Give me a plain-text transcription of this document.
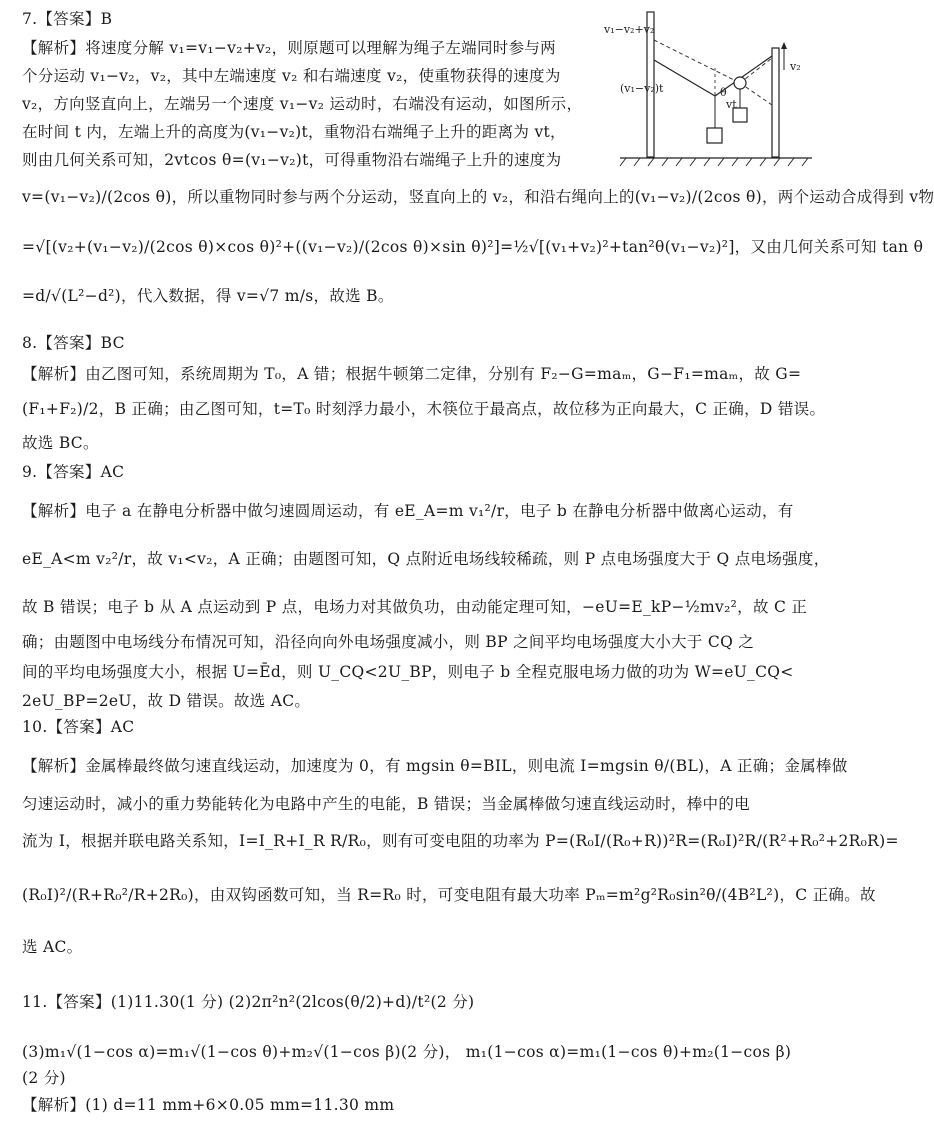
7.【答案】B
【解析】将速度分解 v₁=v₁−v₂+v₂，则原题可以理解为绳子左端同时参与两
个分运动 v₁−v₂，v₂，其中左端速度 v₂ 和右端速度 v₂，使重物获得的速度为
v₂，方向竖直向上，左端另一个速度 v₁−v₂ 运动时，右端没有运动，如图所示，
在时间 t 内，左端上升的高度为(v₁−v₂)t，重物沿右端绳子上升的距离为 vt，
则由几何关系可知，2vtcos θ=(v₁−v₂)t，可得重物沿右端绳子上升的速度为
v=(v₁−v₂)/(2cos θ)，所以重物同时参与两个分运动，竖直向上的 v₂，和沿右绳向上的(v₁−v₂)/(2cos θ)，两个运动合成得到 v物
=√[(v₂+(v₁−v₂)/(2cos θ)×cos θ)²+((v₁−v₂)/(2cos θ)×sin θ)²]=½√[(v₁+v₂)²+tan²θ(v₁−v₂)²]，又由几何关系可知 tan θ
=d/√(L²−d²)，代入数据，得 v=√7 m/s，故选 B。
v₁−v₂+v₂
(v₁−v₂)t	θ
vt
v₂
8.【答案】BC
【解析】由乙图可知，系统周期为 T₀，A 错；根据牛顿第二定律，分别有 F₂−G=maₘ，G−F₁=maₘ，故 G=
(F₁+F₂)/2，B 正确；由乙图可知，t=T₀ 时刻浮力最小，木筷位于最高点，故位移为正向最大，C 正确，D 错误。
故选 BC。
9.【答案】AC
【解析】电子 a 在静电分析器中做匀速圆周运动，有 eE_A=m v₁²/r，电子 b 在静电分析器中做离心运动，有
eE_A<m v₂²/r，故 v₁<v₂，A 正确；由题图可知，Q 点附近电场线较稀疏，则 P 点电场强度大于 Q 点电场强度，
故 B 错误；电子 b 从 A 点运动到 P 点，电场力对其做负功，由动能定理可知，−eU=E_kP−½mv₂²，故 C 正
确；由题图中电场线分布情况可知，沿径向向外电场强度减小，则 BP 之间平均电场强度大小大于 CQ 之
间的平均电场强度大小，根据 U=Ēd，则 U_CQ<2U_BP，则电子 b 全程克服电场力做的功为 W=eU_CQ<
2eU_BP=2eU，故 D 错误。故选 AC。
10.【答案】AC
【解析】金属棒最终做匀速直线运动，加速度为 0，有 mgsin θ=BIL，则电流 I=mgsin θ/(BL)，A 正确；金属棒做
匀速运动时，减小的重力势能转化为电路中产生的电能，B 错误；当金属棒做匀速直线运动时，棒中的电
流为 I，根据并联电路关系知，I=I_R+I_R R/R₀，则有可变电阻的功率为 P=(R₀I/(R₀+R))²R=(R₀I)²R/(R²+R₀²+2R₀R)=
(R₀I)²/(R+R₀²/R+2R₀)，由双钩函数可知，当 R=R₀ 时，可变电阻有最大功率 Pₘ=m²g²R₀sin²θ/(4B²L²)，C 正确。故
选 AC。
11.【答案】(1)11.30(1 分) (2)2π²n²(2lcos(θ/2)+d)/t²(2 分)
(3)m₁√(1−cos α)=m₁√(1−cos θ)+m₂√(1−cos β)(2 分)， m₁(1−cos α)=m₁(1−cos θ)+m₂(1−cos β)
(2 分)
【解析】(1) d=11 mm+6×0.05 mm=11.30 mm
